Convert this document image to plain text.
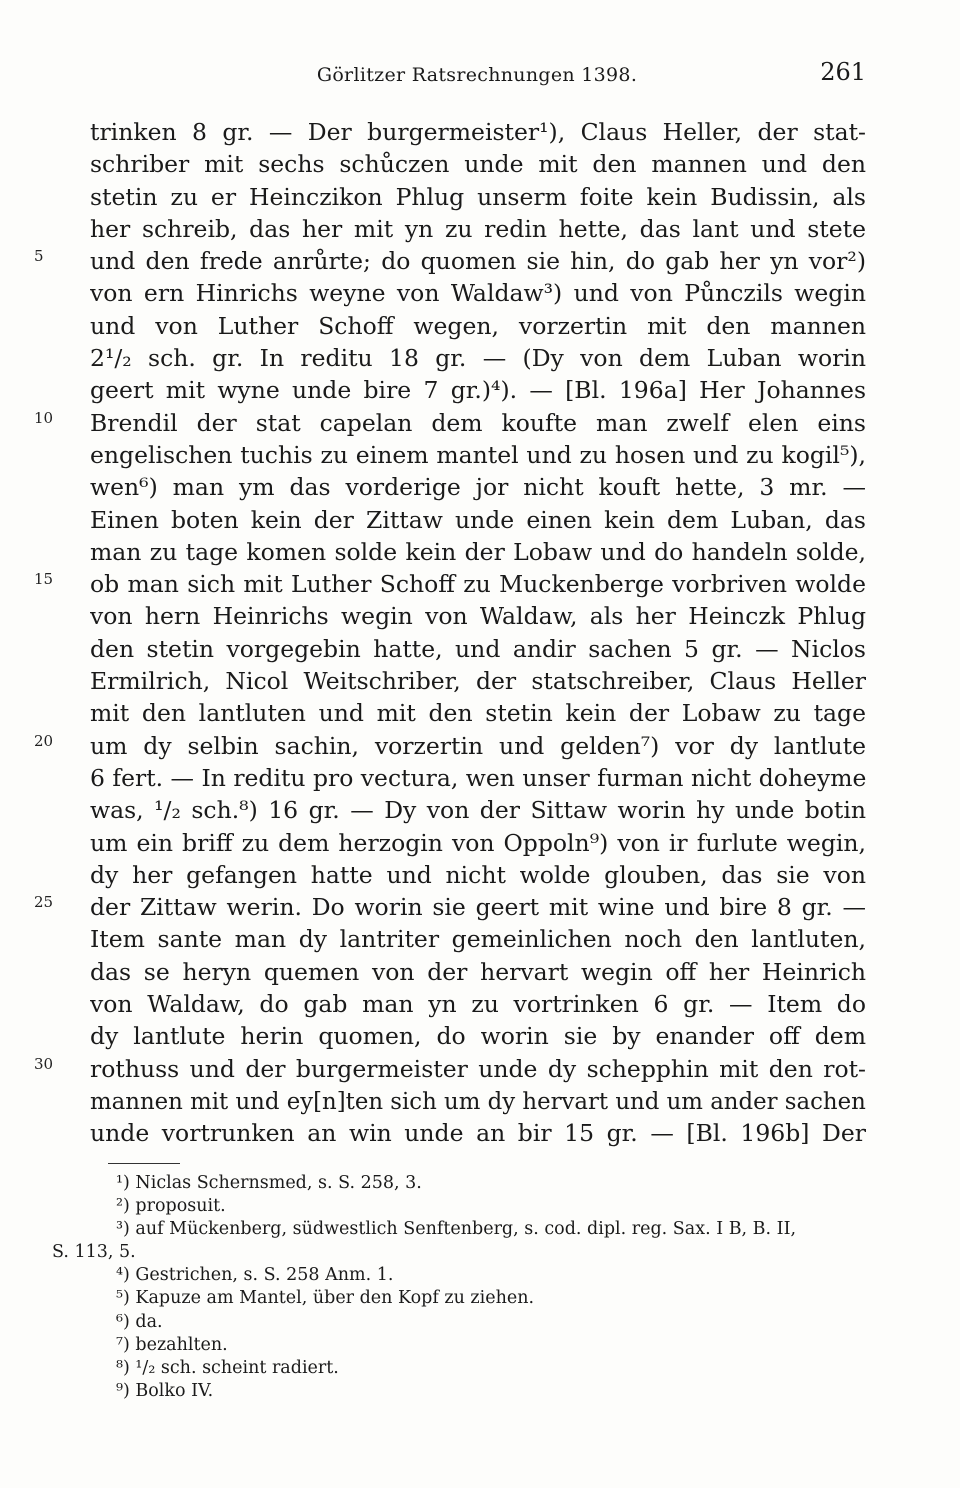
Görlitzer Ratsrechnungen 1398.	261
trinken 8 gr. — Der burgermeister¹), Claus Heller, der stat-
schriber mit sechs schůczen unde mit den mannen und den
stetin zu er Heinczikon Phlug unserm foite kein Budissin, als
her schreib, das her mit yn zu redin hette, das lant und stete
und den frede anrůrte; do quomen sie hin, do gab her yn vor²)
von ern Hinrichs weyne von Waldaw³) und von Půnczils wegin
und von Luther Schoff wegen, vorzertin mit den mannen
2¹/₂ sch. gr. In reditu 18 gr. — (Dy von dem Luban worin
geert mit wyne unde bire 7 gr.)⁴). — [Bl. 196a] Her Johannes
Brendil der stat capelan dem koufte man zwelf elen eins
engelischen tuchis zu einem mantel und zu hosen und zu kogil⁵),
wen⁶) man ym das vorderige jor nicht kouft hette, 3 mr. —
Einen boten kein der Zittaw unde einen kein dem Luban, das
man zu tage komen solde kein der Lobaw und do handeln solde,
ob man sich mit Luther Schoff zu Muckenberge vorbriven wolde
von hern Heinrichs wegin von Waldaw, als her Heinczk Phlug
den stetin vorgegebin hatte, und andir sachen 5 gr. — Niclos
Ermilrich, Nicol Weitschriber, der statschreiber, Claus Heller
mit den lantluten und mit den stetin kein der Lobaw zu tage
um dy selbin sachin, vorzertin und gelden⁷) vor dy lantlute
6 fert. — In reditu pro vectura, wen unser furman nicht doheyme
was, ¹/₂ sch.⁸) 16 gr. — Dy von der Sittaw worin hy unde botin
um ein briff zu dem herzogin von Oppoln⁹) von ir furlute wegin,
dy her gefangen hatte und nicht wolde glouben, das sie von
der Zittaw werin. Do worin sie geert mit wine und bire 8 gr. —
Item sante man dy lantriter gemeinlichen noch den lantluten,
das se heryn quemen von der hervart wegin off her Heinrich
von Waldaw, do gab man yn zu vortrinken 6 gr. — Item do
dy lantlute herin quomen, do worin sie by enander off dem
rothuss und der burgermeister unde dy schepphin mit den rot-
mannen mit und ey[n]ten sich um dy hervart und um ander sachen
unde vortrunken an win unde an bir 15 gr. — [Bl. 196b] Der
¹) Niclas Schernsmed, s. S. 258, 3.
²) proposuit.
³) auf Mückenberg, südwestlich Senftenberg, s. cod. dipl. reg. Sax. I B, B. II,
S. 113, 5.
⁴) Gestrichen, s. S. 258 Anm. 1.
⁵) Kapuze am Mantel, über den Kopf zu ziehen.
⁶) da.
⁷) bezahlten.
⁸) ¹/₂ sch. scheint radiert.
⁹) Bolko IV.
5
10
15
20
25
30
